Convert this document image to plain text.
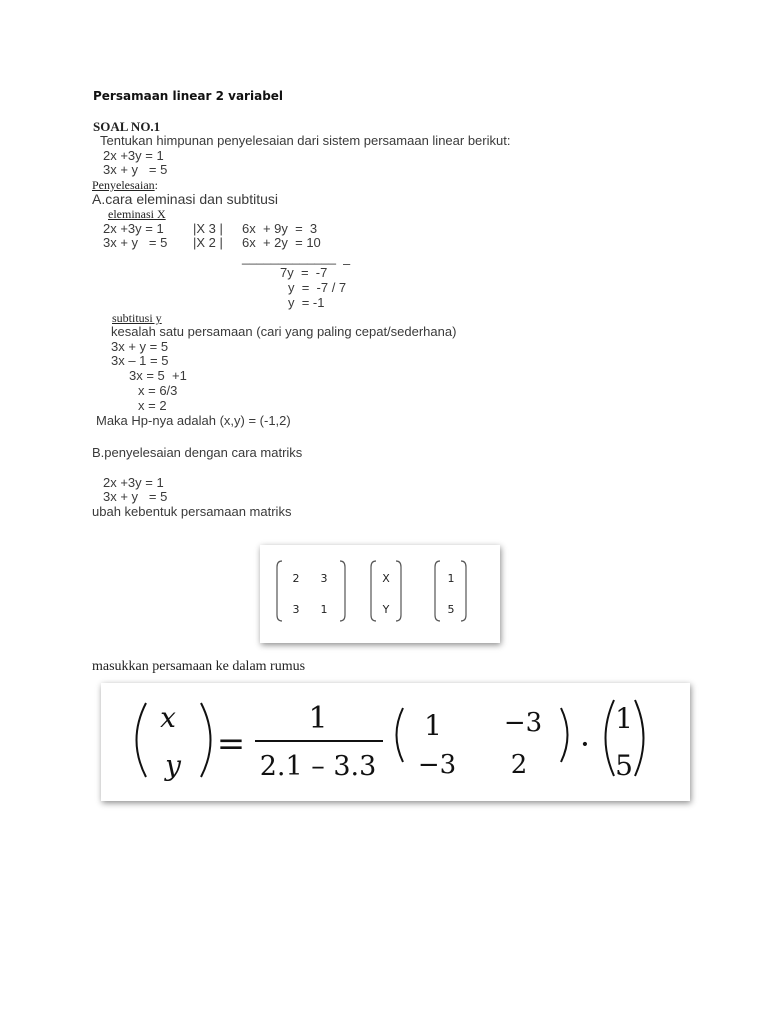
Persamaan linear 2 variabel
SOAL NO.1
Tentukan himpunan penyelesaian dari sistem persamaan linear berikut:
2x +3y = 1
3x + y   = 5
Penyelesaian:
A.cara eleminasi dan subtitusi
eleminasi X
2x +3y = 1 |X 3 | 6x  + 9y  =  3
3x + y   = 5 |X 2 | 6x  + 2y  = 10
_____________ –
7y  =  -7
y  =  -7 / 7
y  = -1
subtitusi y
kesalah satu persamaan (cari yang paling cepat/sederhana)
3x + y = 5
3x – 1 = 5
3x = 5  +1
x = 6/3
x = 2
Maka Hp-nya adalah (x,y) = (-1,2)
B.penyelesaian dengan cara matriks
2x +3y = 1
3x + y   = 5
ubah kebentuk persamaan matriks
2 3
3 1
X
Y
1
5
masukkan persamaan ke dalam rumus
x
y
=
1
2.1 – 3.3
1 −3
−3 2
·
1
5
